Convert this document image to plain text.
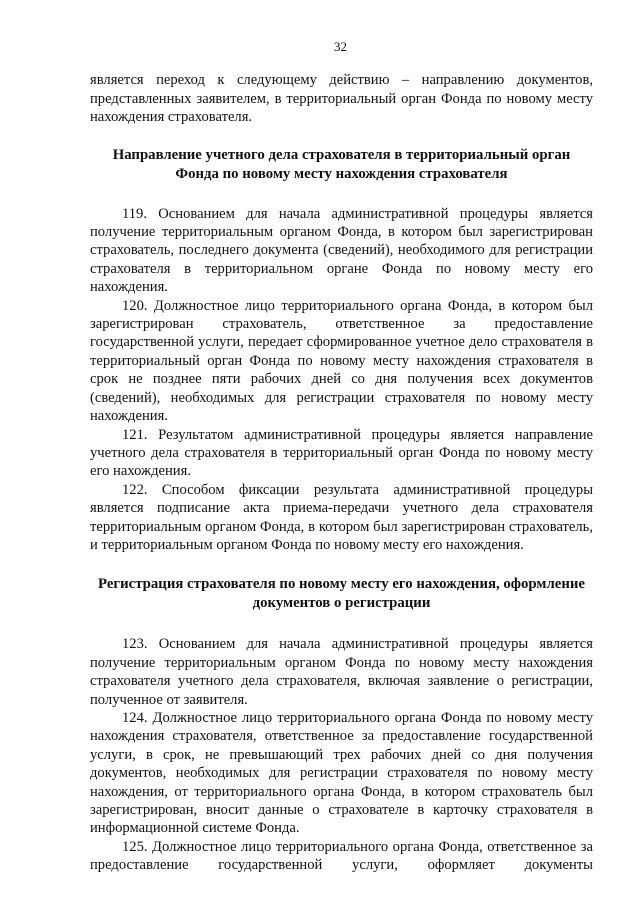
32

является переход к следующему действию – направлению документов, представленных заявителем, в территориальный орган Фонда по новому месту нахождения страхователя.

Направление учетного дела страхователя в территориальный орган Фонда по новому месту нахождения страхователя

119. Основанием для начала административной процедуры является получение территориальным органом Фонда, в котором был зарегистрирован страхователь, последнего документа (сведений), необходимого для регистрации страхователя в территориальном органе Фонда по новому месту его нахождения.

120. Должностное лицо территориального органа Фонда, в котором был зарегистрирован страхователь, ответственное за предоставление государственной услуги, передает сформированное учетное дело страхователя в территориальный орган Фонда по новому месту нахождения страхователя в срок не позднее пяти рабочих дней со дня получения всех документов (сведений), необходимых для регистрации страхователя по новому месту нахождения.

121. Результатом административной процедуры является направление учетного дела страхователя в территориальный орган Фонда по новому месту его нахождения.

122. Способом фиксации результата административной процедуры является подписание акта приема-передачи учетного дела страхователя территориальным органом Фонда, в котором был зарегистрирован страхователь, и территориальным органом Фонда по новому месту его нахождения.

Регистрация страхователя по новому месту его нахождения, оформление документов о регистрации

123. Основанием для начала административной процедуры является получение территориальным органом Фонда по новому месту нахождения страхователя учетного дела страхователя, включая заявление о регистрации, полученное от заявителя.

124. Должностное лицо территориального органа Фонда по новому месту нахождения страхователя, ответственное за предоставление государственной услуги, в срок, не превышающий трех рабочих дней со дня получения документов, необходимых для регистрации страхователя по новому месту нахождения, от территориального органа Фонда, в котором страхователь был зарегистрирован, вносит данные о страхователе в карточку страхователя в информационной системе Фонда.

125. Должностное лицо территориального органа Фонда, ответственное за предоставление государственной услуги, оформляет документы
